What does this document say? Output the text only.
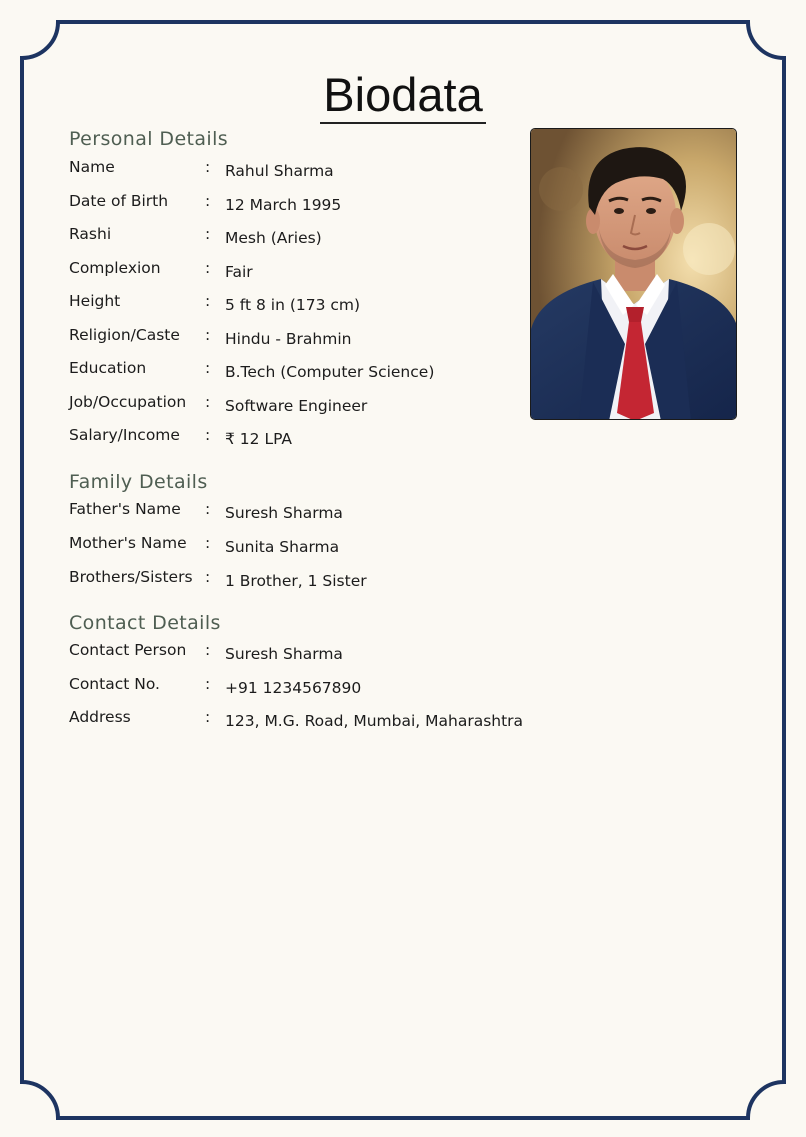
Biodata
Personal Details
Name	: Rahul Sharma
Date of Birth : 12 March 1995
Rashi	: Mesh (Aries)
Complexion	: Fair
Height	: 5 ft 8 in (173 cm)
Religion/Caste : Hindu - Brahmin
Education	: B.Tech (Computer Science)
Job/Occupation : Software Engineer
Salary/Income : ₹ 12 LPA
Family Details
Father's Name : Suresh Sharma
Mother's Name : Sunita Sharma
Brothers/Sisters : 1 Brother, 1 Sister
Contact Details
Contact Person : Suresh Sharma
Contact No.	: +91 1234567890
Address	: 123, M.G. Road, Mumbai, Maharashtra
